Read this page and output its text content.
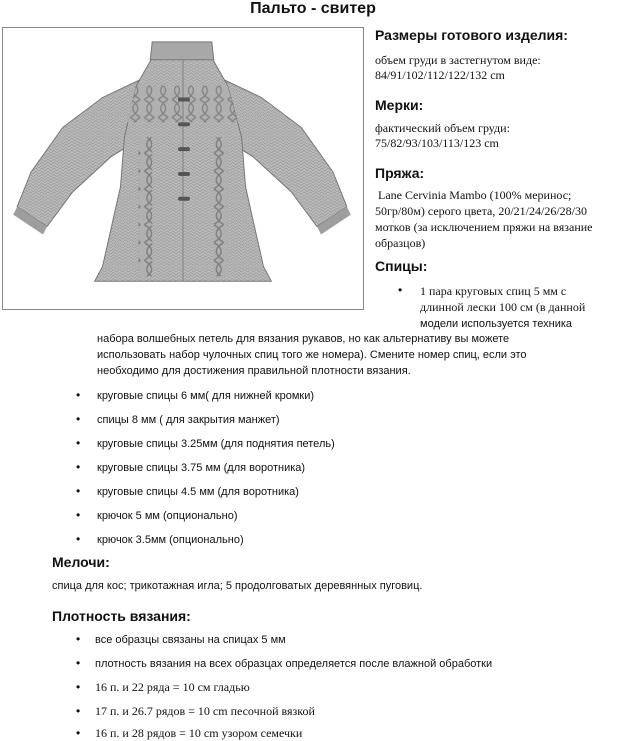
Пальто - свитер
Размеры готового изделия:
объем груди в застегнутом виде:
84/91/102/112/122/132 cm
Мерки:
фактический объем груди:
75/82/93/103/113/123 cm
Пряжа:
Lane Cervinia Mambo (100% меринос;
50гр/80м) серого цвета, 20/21/24/26/28/30
мотков (за исключением пряжи на вязание
образцов)
Спицы:
• 1 пара круговых спиц 5 мм с
длинной лески 100 см (в данной
модели используется техника
набора волшебных петель для вязания рукавов, но как альтернативу вы можете
использовать набор чулочных спиц того же номера). Смените номер спиц, если это
необходимо для достижения правильной плотности вязания.
• круговые спицы 6 мм( для нижней кромки)
• спицы 8 мм ( для закрытия манжет)
• круговые спицы 3.25мм (для поднятия петель)
• круговые спицы 3.75 мм (для воротника)
• круговые спицы 4.5 мм (для воротника)
• крючок 5 мм (опционально)
• крючок 3.5мм (опционально)
Мелочи:
спица для кос; трикотажная игла; 5 продолговатых деревянных пуговиц.
Плотность вязания:
• все образцы связаны на спицах 5 мм
• плотность вязания на всех образцах определяется после влажной обработки
• 16 п. и 22 ряда = 10 см гладью
• 17 п. и 26.7 рядов = 10 cm песочной вязкой
• 16 п. и 28 рядов = 10 cm узором семечки
